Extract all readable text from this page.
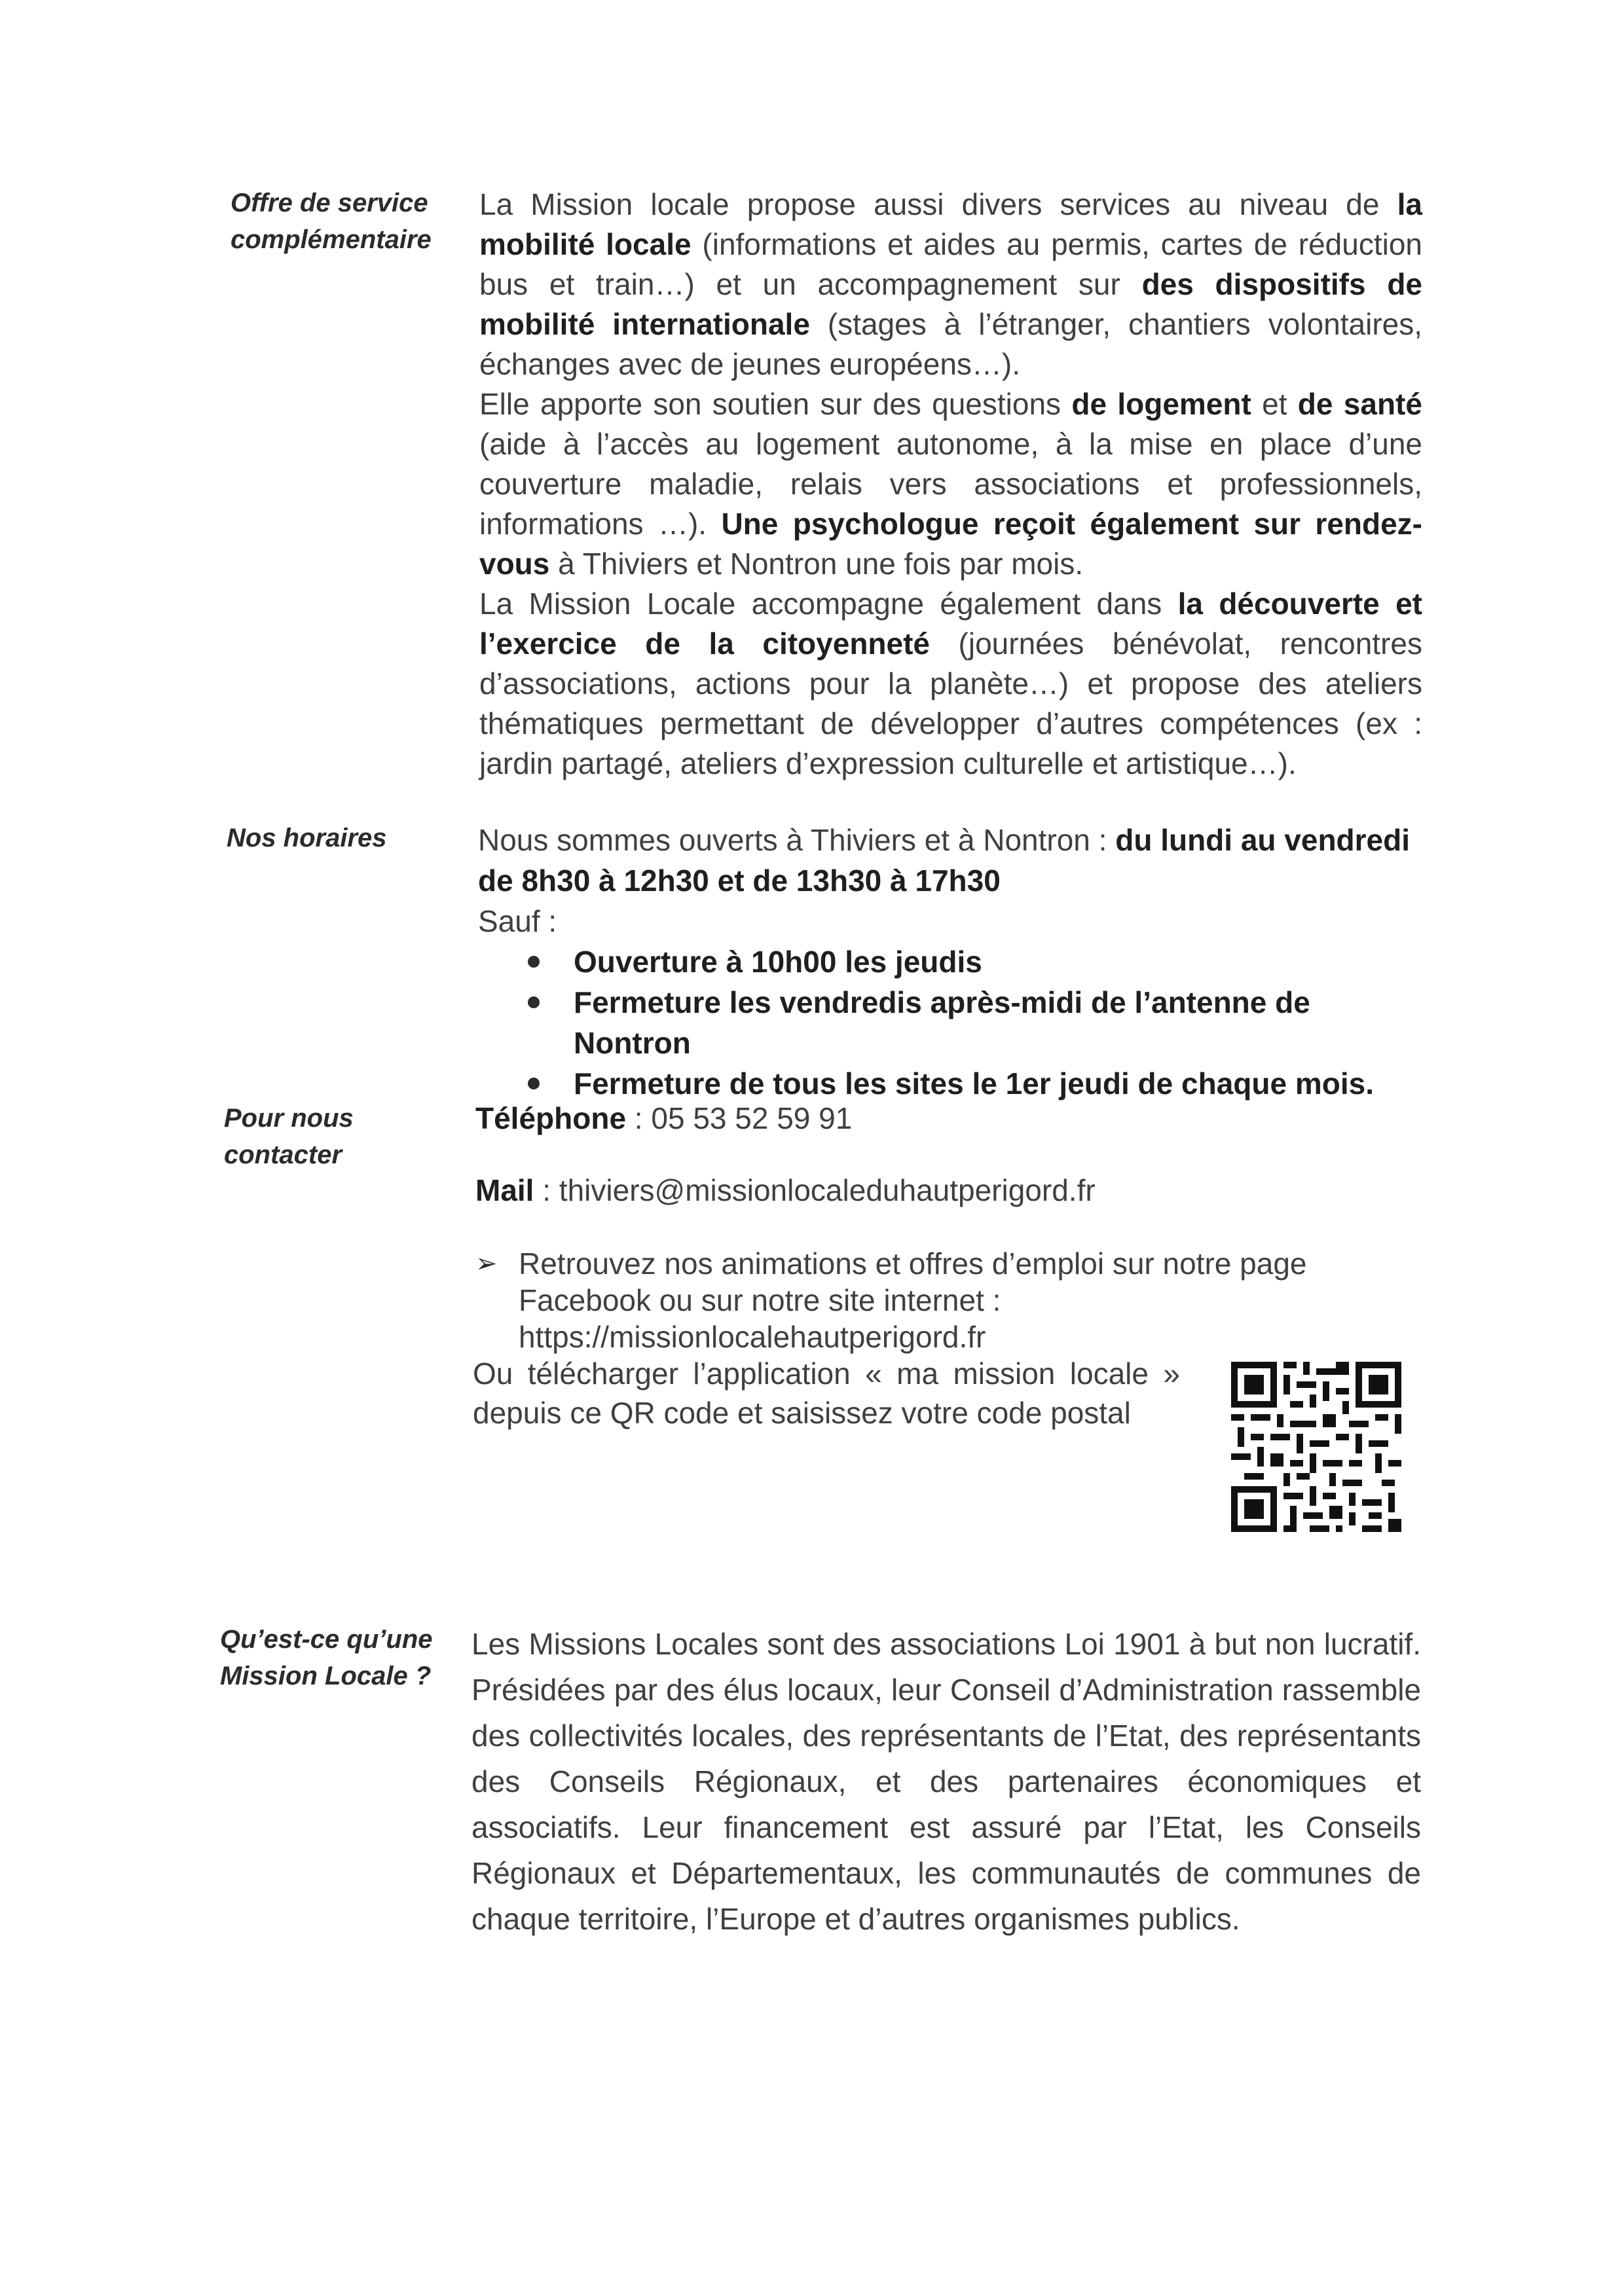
Offre de service
complémentaire

La Mission locale propose aussi divers services au niveau de la mobilité locale (informations et aides au permis, cartes de réduction bus et train…) et un accompagnement sur des dispositifs de mobilité internationale (stages à l’étranger, chantiers volontaires, échanges avec de jeunes européens…).

Elle apporte son soutien sur des questions de logement et de santé (aide à l’accès au logement autonome, à la mise en place d’une couverture maladie, relais vers associations et professionnels, informations …). Une psychologue reçoit également sur rendez-vous à Thiviers et Nontron une fois par mois.

La Mission Locale accompagne également dans la découverte et l’exercice de la citoyenneté (journées bénévolat, rencontres d’associations, actions pour la planète…) et propose des ateliers thématiques permettant de développer d’autres compétences (ex : jardin partagé, ateliers d’expression culturelle et artistique…).

Nos horaires	Nous sommes ouverts à Thiviers et à Nontron : du lundi au vendredi de 8h30 à 12h30 et de 13h30 à 17h30
Sauf :
Ouverture à 10h00 les jeudis
Fermeture les vendredis après-midi de l’antenne de Nontron
Fermeture de tous les sites le 1er jeudi de chaque mois.
Pour nous
contacter
Téléphone : 05 53 52 59 91
Mail : thiviers@missionlocaleduhautperigord.fr
➢ Retrouvez nos animations et offres d’emploi sur notre page Facebook ou sur notre site internet : https://missionlocalehautperigord.fr
Ou télécharger l’application « ma mission locale » depuis ce QR code et saisissez votre code postal
Qu’est-ce qu’une
Mission Locale ?
Les Missions Locales sont des associations Loi 1901 à but non lucratif. Présidées par des élus locaux, leur Conseil d’Administration rassemble des collectivités locales, des représentants de l’Etat, des représentants des Conseils Régionaux, et des partenaires économiques et associatifs. Leur financement est assuré par l’Etat, les Conseils Régionaux et Départementaux, les communautés de communes de chaque territoire, l’Europe et d’autres organismes publics.
